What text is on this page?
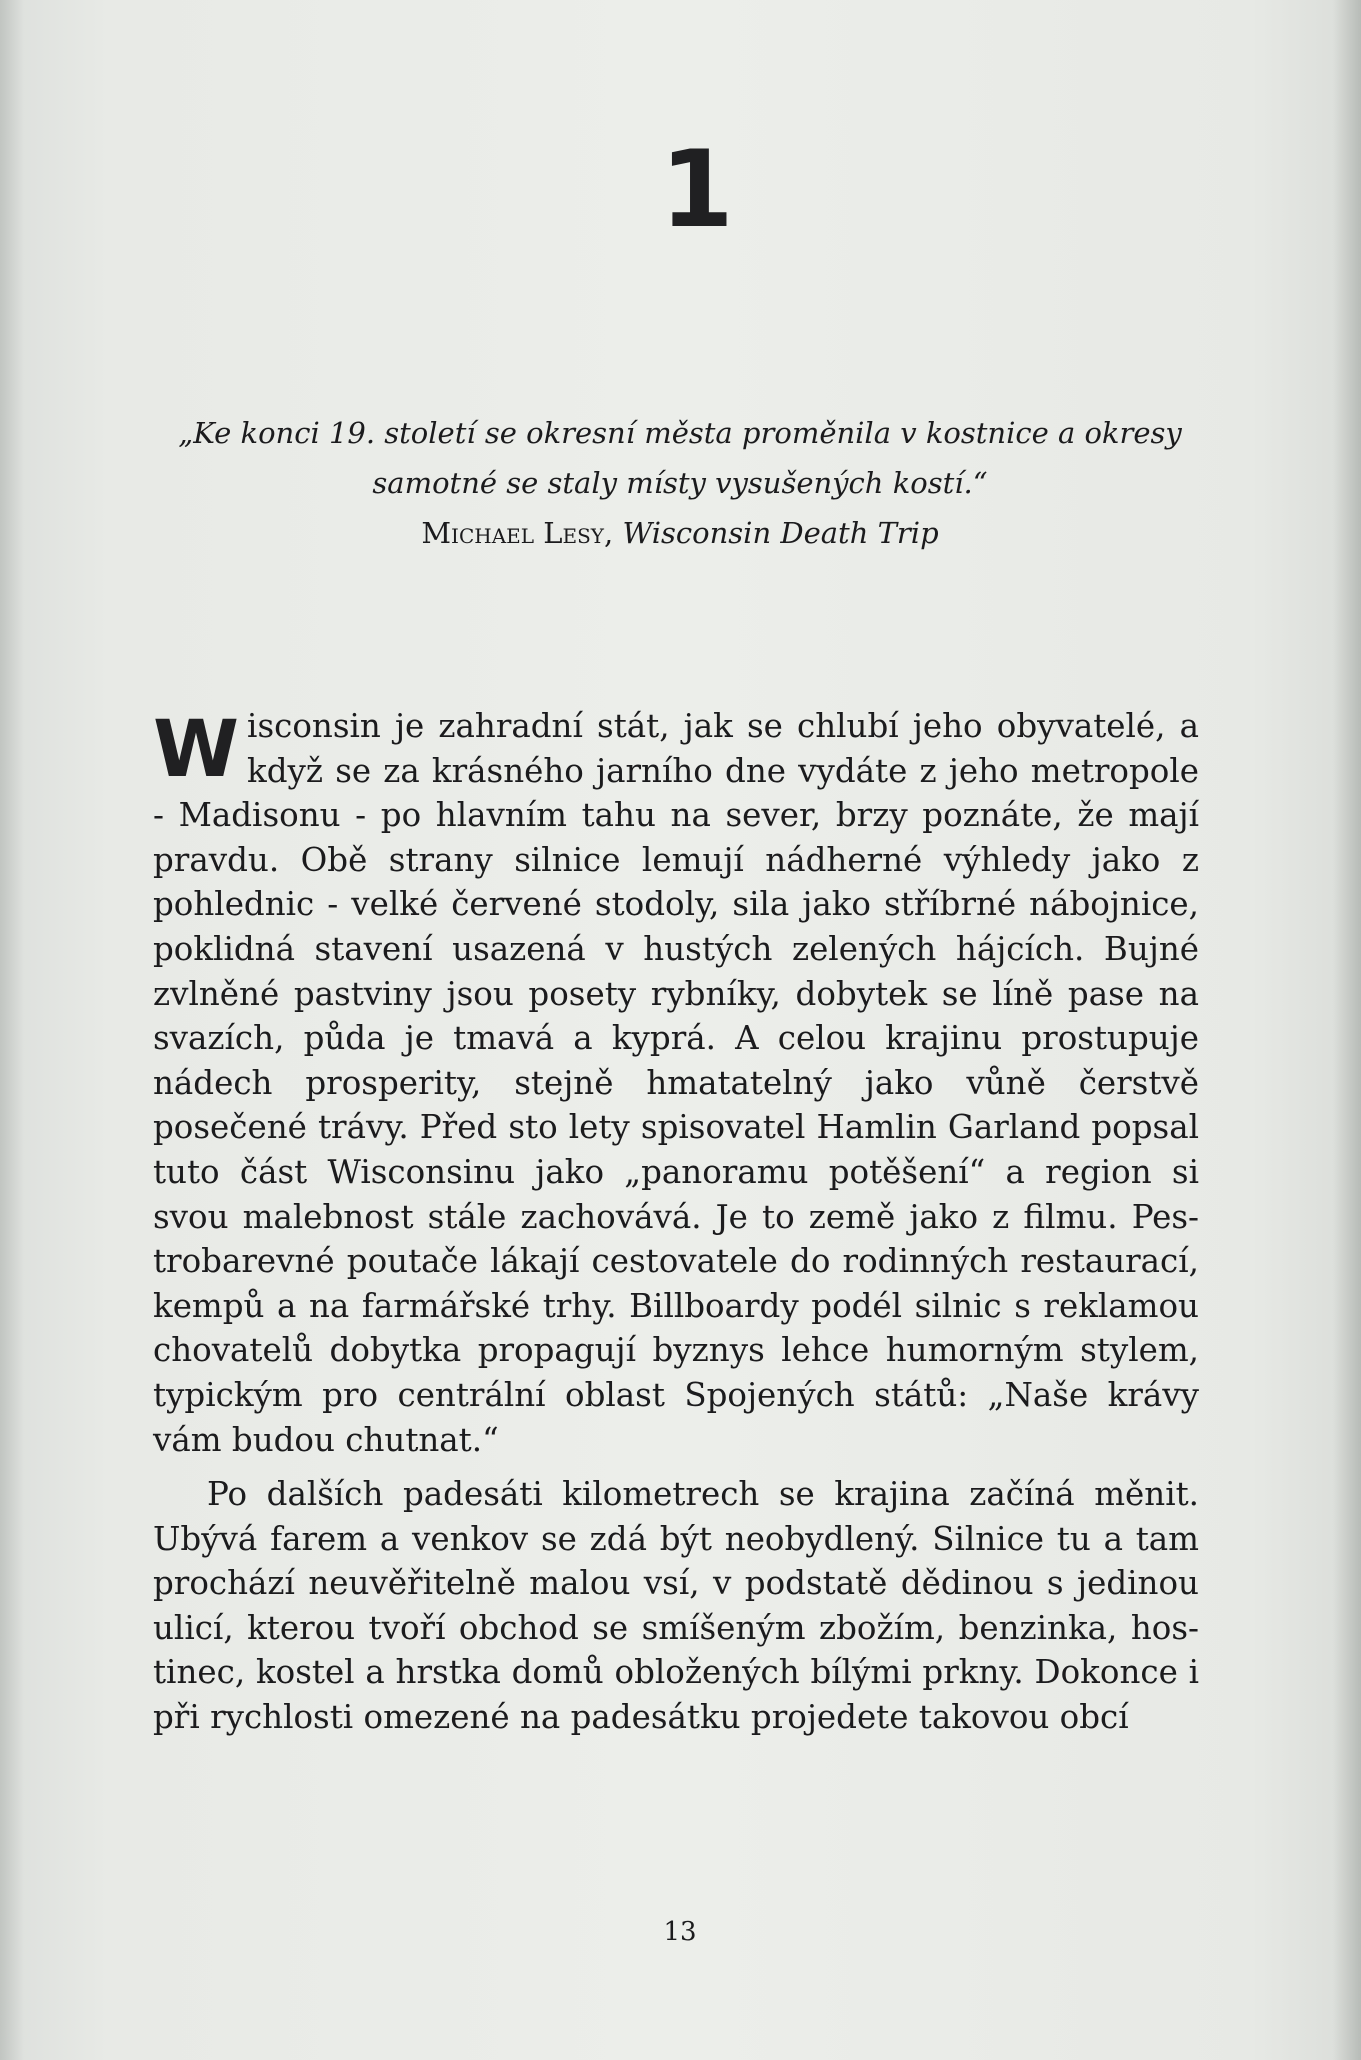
1
„Ke konci 19. století se okresní města proměnila v kostnice a okresy
samotné se staly místy vysušených kostí.“
Michael Lesy, Wisconsin Death Trip

Wisconsin je zahradní stát, jak se chlubí jeho obyvatelé, a když se za krásného jarního dne vydáte z jeho metropole - Madisonu - po hlavním tahu na sever, brzy poznáte, že mají pravdu. Obě strany silnice lemují nádherné výhledy jako z pohlednic - velké červené stodoly, sila jako stříbrné nábojnice, poklidná stavení usazená v hustých zelených hájcích. Bujné zvlněné pastviny jsou posety rybníky, dobytek se líně pase na svazích, půda je tmavá a kyprá. A celou krajinu prostupuje nádech prosperity, stejně hmatatelný jako vůně čerstvě posečené trávy. Před sto lety spisovatel Hamlin Garland popsal tuto část Wisconsinu jako „panoramu potěšení“ a region si svou malebnost stále zachovává. Je to země jako z filmu. Pestrobarevné poutače lákají cestovatele do rodinných restaurací, kempů a na farmářské trhy. Billboardy podél silnic s reklamou chovatelů dobytka propagují byznys lehce humorným stylem, typickým pro centrální oblast Spojených států: „Naše krávy vám budou chutnat.“

Po dalších padesáti kilometrech se krajina začíná měnit. Ubývá farem a venkov se zdá být neobydlený. Silnice tu a tam prochází neuvěřitelně malou vsí, v podstatě dědinou s jedinou ulicí, kterou tvoří obchod se smíšeným zbožím, benzinka, hostinec, kostel a hrstka domů obložených bílými prkny. Dokonce i při rychlosti omezené na padesátku projedete takovou obcí

13
